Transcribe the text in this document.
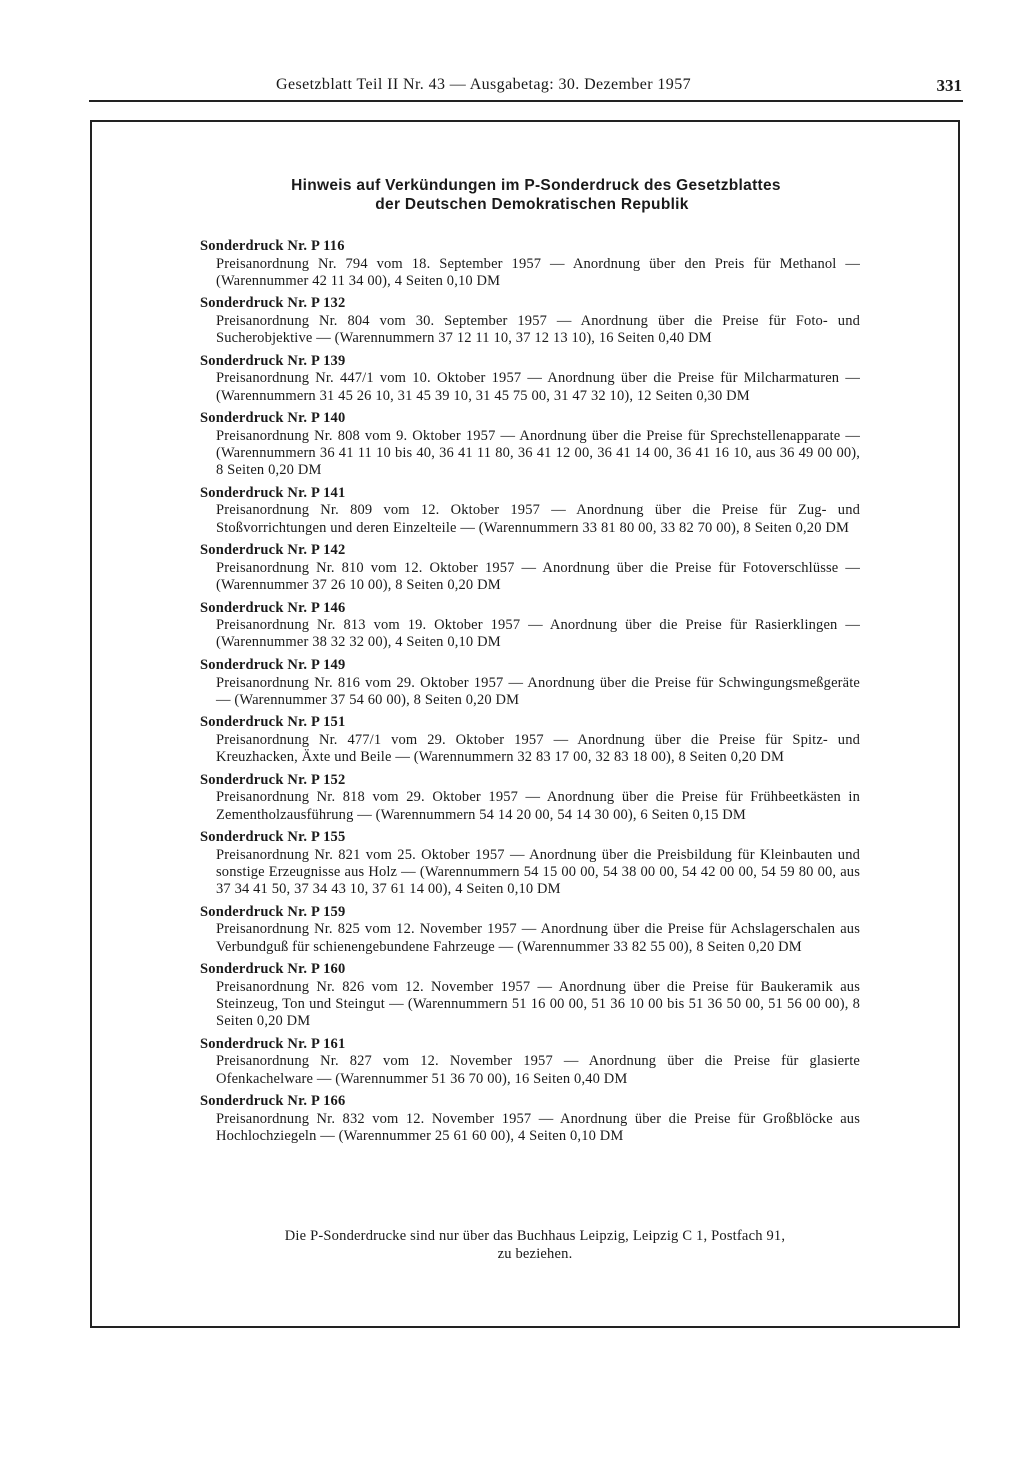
Gesetzblatt Teil II Nr. 43 — Ausgabetag: 30. Dezember 1957	331
Hinweis auf Verkündungen im P-Sonderdruck des Gesetzblattes
der Deutschen Demokratischen Republik
Sonderdruck Nr. P 116
Preisanordnung Nr. 794 vom 18. September 1957 — Anordnung über den Preis für Methanol — (Warennummer 42 11 34 00), 4 Seiten 0,10 DM
Sonderdruck Nr. P 132
Preisanordnung Nr. 804 vom 30. September 1957 — Anordnung über die Preise für Foto- und Sucherobjektive — (Warennummern 37 12 11 10, 37 12 13 10), 16 Seiten 0,40 DM
Sonderdruck Nr. P 139
Preisanordnung Nr. 447/1 vom 10. Oktober 1957 — Anordnung über die Preise für Milcharmaturen — (Warennummern 31 45 26 10, 31 45 39 10, 31 45 75 00, 31 47 32 10), 12 Seiten 0,30 DM
Sonderdruck Nr. P 140
Preisanordnung Nr. 808 vom 9. Oktober 1957 — Anordnung über die Preise für Sprechstellenapparate — (Warennummern 36 41 11 10 bis 40, 36 41 11 80, 36 41 12 00, 36 41 14 00, 36 41 16 10, aus 36 49 00 00), 8 Seiten 0,20 DM
Sonderdruck Nr. P 141
Preisanordnung Nr. 809 vom 12. Oktober 1957 — Anordnung über die Preise für Zug- und Stoßvorrichtungen und deren Einzelteile — (Warennummern 33 81 80 00, 33 82 70 00), 8 Seiten 0,20 DM
Sonderdruck Nr. P 142
Preisanordnung Nr. 810 vom 12. Oktober 1957 — Anordnung über die Preise für Fotoverschlüsse — (Warennummer 37 26 10 00), 8 Seiten 0,20 DM
Sonderdruck Nr. P 146
Preisanordnung Nr. 813 vom 19. Oktober 1957 — Anordnung über die Preise für Rasierklingen — (Warennummer 38 32 32 00), 4 Seiten 0,10 DM
Sonderdruck Nr. P 149
Preisanordnung Nr. 816 vom 29. Oktober 1957 — Anordnung über die Preise für Schwingungsmeßgeräte — (Warennummer 37 54 60 00), 8 Seiten 0,20 DM
Sonderdruck Nr. P 151
Preisanordnung Nr. 477/1 vom 29. Oktober 1957 — Anordnung über die Preise für Spitz- und Kreuzhacken, Äxte und Beile — (Warennummern 32 83 17 00, 32 83 18 00), 8 Seiten 0,20 DM
Sonderdruck Nr. P 152
Preisanordnung Nr. 818 vom 29. Oktober 1957 — Anordnung über die Preise für Frühbeetkästen in Zementholzausführung — (Warennummern 54 14 20 00, 54 14 30 00), 6 Seiten 0,15 DM
Sonderdruck Nr. P 155
Preisanordnung Nr. 821 vom 25. Oktober 1957 — Anordnung über die Preisbildung für Kleinbauten und sonstige Erzeugnisse aus Holz — (Warennummern 54 15 00 00, 54 38 00 00, 54 42 00 00, 54 59 80 00, aus 37 34 41 50, 37 34 43 10, 37 61 14 00), 4 Seiten 0,10 DM
Sonderdruck Nr. P 159
Preisanordnung Nr. 825 vom 12. November 1957 — Anordnung über die Preise für Achslagerschalen aus Verbundguß für schienengebundene Fahrzeuge — (Warennummer 33 82 55 00), 8 Seiten 0,20 DM
Sonderdruck Nr. P 160
Preisanordnung Nr. 826 vom 12. November 1957 — Anordnung über die Preise für Baukeramik aus Steinzeug, Ton und Steingut — (Warennummern 51 16 00 00, 51 36 10 00 bis 51 36 50 00, 51 56 00 00), 8 Seiten 0,20 DM
Sonderdruck Nr. P 161
Preisanordnung Nr. 827 vom 12. November 1957 — Anordnung über die Preise für glasierte Ofenkachelware — (Warennummer 51 36 70 00), 16 Seiten 0,40 DM
Sonderdruck Nr. P 166
Preisanordnung Nr. 832 vom 12. November 1957 — Anordnung über die Preise für Großblöcke aus Hochlochziegeln — (Warennummer 25 61 60 00), 4 Seiten 0,10 DM
Die P-Sonderdrucke sind nur über das Buchhaus Leipzig, Leipzig C 1, Postfach 91,
zu beziehen.
